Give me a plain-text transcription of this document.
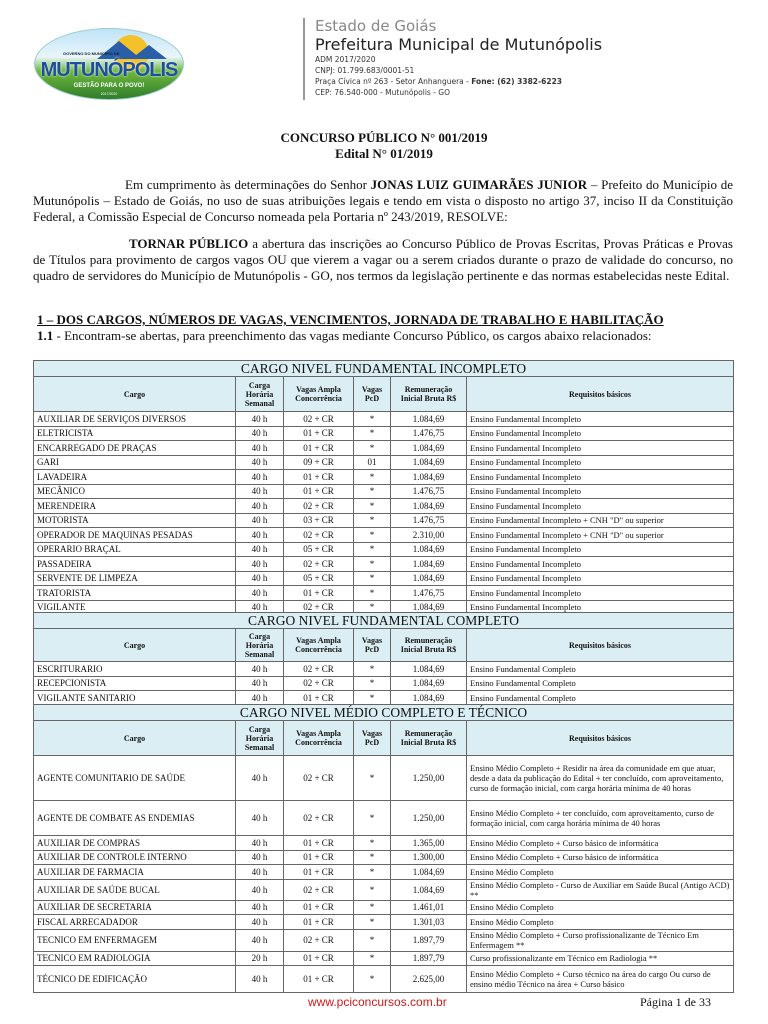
GOVERNO DO MUNICÍPIO DE
MUTUNÓPOLIS
GESTÃO PARA O POVO!
2017/2020
Estado de Goiás
Prefeitura Municipal de Mutunópolis
ADM 2017/2020
CNPJ: 01.799.683/0001-51
Praça Cívica nº 263 - Setor Anhanguera - Fone: (62) 3382-6223
CEP: 76.540-000 - Mutunópolis - GO
CONCURSO PÚBLICO N° 001/2019
Edital N° 01/2019
Em cumprimento às determinações do Senhor JONAS LUIZ GUIMARÃES JUNIOR – Prefeito do Município de Mutunópolis – Estado de Goiás, no uso de suas atribuições legais e tendo em vista o disposto no artigo 37, inciso II da Constituição Federal, a Comissão Especial de Concurso nomeada pela Portaria nº 243/2019, RESOLVE:
TORNAR PÚBLICO a abertura das inscrições ao Concurso Público de Provas Escritas, Provas Práticas e Provas de Títulos para provimento de cargos vagos OU que vierem a vagar ou a serem criados durante o prazo de validade do concurso, no quadro de servidores do Município de Mutunópolis - GO, nos termos da legislação pertinente e das normas estabelecidas neste Edital.
1 – DOS CARGOS, NÚMEROS DE VAGAS, VENCIMENTOS, JORNADA DE TRABALHO E HABILITAÇÃO
1.1 - Encontram-se abertas, para preenchimento das vagas mediante Concurso Público, os cargos abaixo relacionados:
CARGO NIVEL FUNDAMENTAL INCOMPLETO					
Cargo	Carga Horária Semanal	Vagas Ampla Concorrência	Vagas PcD	Remuneração Inicial Bruta R$	Requisitos básicos
AUXILIAR DE SERVIÇOS DIVERSOS	40 h	02 + CR	*	1.084,69	Ensino Fundamental Incompleto
ELETRICISTA	40 h	01 + CR	*	1.476,75	Ensino Fundamental Incompleto
ENCARREGADO DE PRAÇAS	40 h	01 + CR	*	1.084,69	Ensino Fundamental Incompleto
GARI	40 h	09 + CR	01	1.084,69	Ensino Fundamental Incompleto
LAVADEIRA	40 h	01 + CR	*	1.084,69	Ensino Fundamental Incompleto
MECÂNICO	40 h	01 + CR	*	1.476,75	Ensino Fundamental Incompleto
MERENDEIRA	40 h	02 + CR	*	1.084,69	Ensino Fundamental Incompleto
MOTORISTA	40 h	03 + CR	*	1.476,75	Ensino Fundamental Incompleto + CNH "D" ou superior
OPERADOR DE MAQUINAS PESADAS	40 h	02 + CR	*	2.310,00	Ensino Fundamental Incompleto + CNH "D" ou superior
OPERARIO BRAÇAL	40 h	05 + CR	*	1.084,69	Ensino Fundamental Incompleto
PASSADEIRA	40 h	02 + CR	*	1.084,69	Ensino Fundamental Incompleto
SERVENTE DE LIMPEZA	40 h	05 + CR	*	1.084,69	Ensino Fundamental Incompleto
TRATORISTA	40 h	01 + CR	*	1.476,75	Ensino Fundamental Incompleto
VIGILANTE	40 h	02 + CR	*	1.084,69	Ensino Fundamental Incompleto
CARGO NIVEL FUNDAMENTAL COMPLETO					
Cargo	Carga Horária Semanal	Vagas Ampla Concorrência	Vagas PcD	Remuneração Inicial Bruta R$	Requisitos básicos
ESCRITURARIO	40 h	02 + CR	*	1.084,69	Ensino Fundamental Completo
RECEPCIONISTA	40 h	02 + CR	*	1.084,69	Ensino Fundamental Completo
VIGILANTE SANITARIO	40 h	01 + CR	*	1.084,69	Ensino Fundamental Completo
CARGO NIVEL MÉDIO COMPLETO E TÉCNICO					
Cargo	Carga Horária Semanal	Vagas Ampla Concorrência	Vagas PcD	Remuneração Inicial Bruta R$	Requisitos básicos
AGENTE COMUNITARIO DE SAÚDE	40 h	02 + CR	*	1.250,00	Ensino Médio Completo + Residir na área da comunidade em que atuar, desde a data da publicação do Edital + ter concluído, com aproveitamento, curso de formação inicial, com carga horária mínima de 40 horas
AGENTE DE COMBATE AS ENDEMIAS	40 h	02 + CR	*	1.250,00	Ensino Médio Completo + ter concluído, com aproveitamento, curso de formação inicial, com carga horária mínima de 40 horas
AUXILIAR DE COMPRAS	40 h	01 + CR	*	1.365,00	Ensino Médio Completo + Curso básico de informática
AUXILIAR DE CONTROLE INTERNO	40 h	01 + CR	*	1.300,00	Ensino Médio Completo + Curso básico de informática
AUXILIAR DE FARMACIA	40 h	01 + CR	*	1.084,69	Ensino Médio Completo
AUXILIAR DE SAÚDE BUCAL	40 h	02 + CR	*	1.084,69	Ensino Médio Completo - Curso de Auxiliar em Saúde Bucal (Antigo ACD) **
AUXILIAR DE SECRETARIA	40 h	01 + CR	*	1.461,01	Ensino Médio Completo
FISCAL ARRECADADOR	40 h	01 + CR	*	1.301,03	Ensino Médio Completo
TECNICO EM ENFERMAGEM	40 h	02 + CR	*	1.897,79	Ensino Médio Completo + Curso profissionalizante de Técnico Em Enfermagem **
TECNICO EM RADIOLOGIA	20 h	01 + CR	*	1.897,79	Curso profissionalizante em Técnico em Radiologia **
TÉCNICO DE EDIFICAÇÃO	40 h	01 + CR	*	2.625,00	Ensino Médio Completo + Curso técnico na área do cargo Ou curso de ensino médio Técnico na área + Curso básico
www.pciconcursos.com.br	Página 1 de 33
